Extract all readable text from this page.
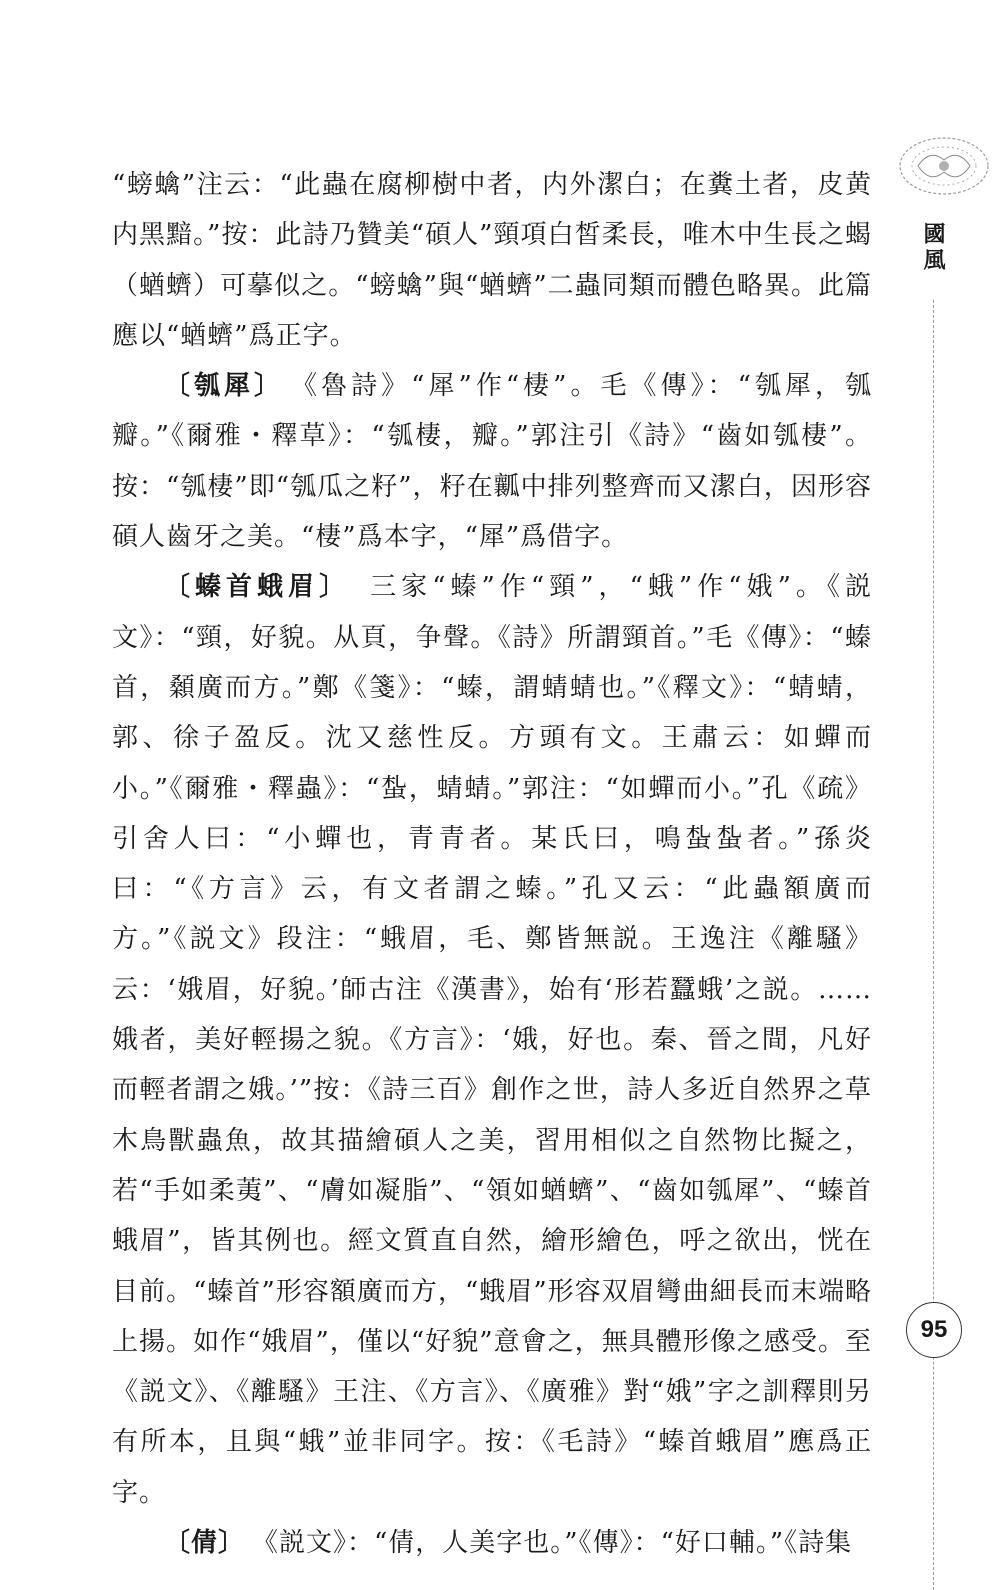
國風

“螃蠄”注云：“此蟲在腐柳樹中者，内外潔白；在糞土者，皮黄内黑黯。”按：此詩乃贊美“碩人”頸項白皙柔長，唯木中生長之蝎（蝤蠐）可摹似之。“螃蠄”與“蝤蠐”二蟲同類而體色略異。此篇應以“蝤蠐”爲正字。

〔瓠犀〕 《魯詩》“犀”作“棲”。毛《傳》：“瓠犀，瓠瓣。”《爾雅・釋草》：“瓠棲，瓣。”郭注引《詩》“齒如瓠棲”。按：“瓠棲”即“瓠瓜之籽”，籽在瓤中排列整齊而又潔白，因形容碩人齒牙之美。“棲”爲本字，“犀”爲借字。

〔螓首蛾眉〕 三家“螓”作“頸”，“蛾”作“娥”。《説文》：“頸，好貌。从頁，争聲。《詩》所謂頸首。”毛《傳》：“螓首，顙廣而方。”鄭《箋》：“螓，謂蜻蜻也。”《釋文》：“蜻蜻，郭、徐子盈反。沈又慈性反。方頭有文。王肅云：如蟬而小。”《爾雅・釋蟲》：“蚻，蜻蜻。”郭注：“如蟬而小。”孔《疏》引舍人曰：“小蟬也，青青者。某氏曰，鳴蚻蚻者。”孫炎曰：“《方言》云，有文者謂之螓。”孔又云：“此蟲額廣而方。”《説文》段注：“蛾眉，毛、鄭皆無説。王逸注《離騷》云：‘娥眉，好貌。’師古注《漢書》，始有‘形若蠶蛾’之説。……娥者，美好輕揚之貌。《方言》：‘娥，好也。秦、晉之間，凡好而輕者謂之娥。’”按：《詩三百》創作之世，詩人多近自然界之草木鳥獸蟲魚，故其描繪碩人之美，習用相似之自然物比擬之，若“手如柔荑”、“膚如凝脂”、“領如蝤蠐”、“齒如瓠犀”、“螓首蛾眉”，皆其例也。經文質直自然，繪形繪色，呼之欲出，恍在目前。“螓首”形容額廣而方，“蛾眉”形容双眉彎曲細長而末端略上揚。如作“娥眉”，僅以“好貌”意會之，無具體形像之感受。至《説文》、《離騷》王注、《方言》、《廣雅》對“娥”字之訓釋則另有所本，且與“蛾”並非同字。按：《毛詩》“螓首蛾眉”應爲正字。

〔倩〕 《説文》：“倩，人美字也。”《傳》：“好口輔。”《詩集

95
